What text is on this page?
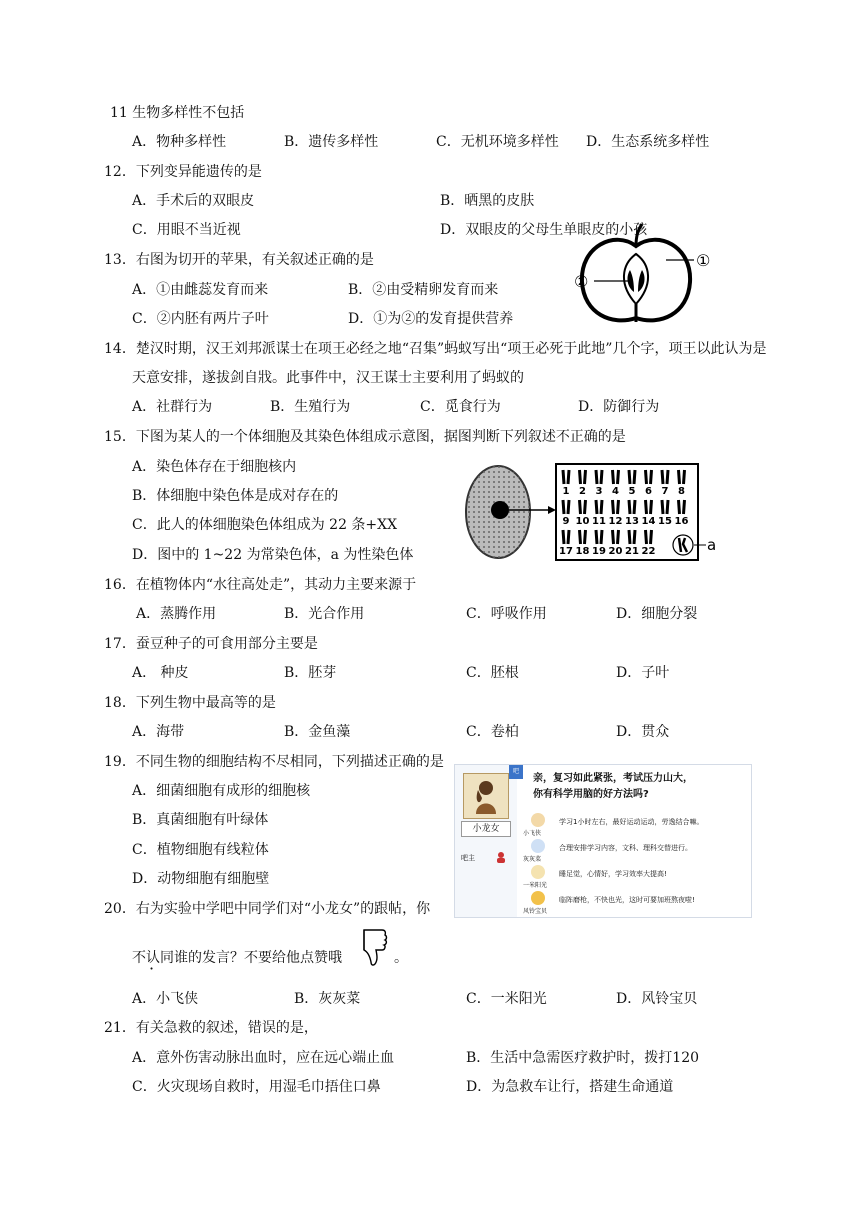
11 生物多样性不包括
A．物种多样性	B．遗传多样性	C．无机环境多样性 D．生态系统多样性
12．下列变异能遗传的是
A．手术后的双眼皮	B．晒黑的皮肤
C．用眼不当近视	D．双眼皮的父母生单眼皮的小孩
13．右图为切开的苹果，有关叙述正确的是
A．①由雌蕊发育而来	B．②由受精卵发育而来
C．②内胚有两片子叶	D．①为②的发育提供营养
①
②
14．楚汉时期，汉王刘邦派谋士在项王必经之地“召集”蚂蚁写出“项王必死于此地”几个字，项王以此认为是
天意安排，遂拔剑自戕。此事件中，汉王谋士主要利用了蚂蚁的
A．社群行为	B．生殖行为	C．觅食行为	D．防御行为
15．下图为某人的一个体细胞及其染色体组成示意图，据图判断下列叙述不正确的是
A．染色体存在于细胞核内
B．体细胞中染色体是成对存在的
C．此人的体细胞染色体组成为 22 条+XX
D．图中的 1~22 为常染色体，a 为性染色体
1 2 3 4 5 6 7 8
9 10 11 12 13 14 15 16
17 18 19 20 21 22	a
16．在植物体内“水往高处走”，其动力主要来源于
A．蒸腾作用	B．光合作用	C．呼吸作用	D．细胞分裂
17．蚕豆种子的可食用部分主要是
A． 种皮	B．胚芽	C．胚根	D．子叶
18．下列生物中最高等的是
A．海带	B．金鱼藻	C．卷柏	D．贯众
19．不同生物的细胞结构不尽相同，下列描述正确的是
A．细菌细胞有成形的细胞核
B．真菌细胞有叶绿体
C．植物细胞有线粒体
D．动物细胞有细胞壁
吧
小龙女
吧主
亲，复习如此紧张，考试压力山大，
你有科学用脑的好方法吗?
小飞侠
学习1小时左右，最好运动运动，劳逸结合嘛。
灰灰菜
合理安排学习内容，文科、理科交替进行。
一米阳光
睡足觉，心情好，学习效率大提高!
风铃宝贝
临阵磨枪，不快也光，这时可要加班熬夜啦!
20．右为实验中学吧中同学们对“小龙女”的跟帖，你
不认同谁的发言？不要给他点赞哦	。
A．小飞侠	B．灰灰菜	C．一米阳光	D．风铃宝贝
21．有关急救的叙述，错误的是，
A．意外伤害动脉出血时，应在远心端止血	B．生活中急需医疗救护时，拨打120
C．火灾现场自救时，用湿毛巾捂住口鼻	D．为急救车让行，搭建生命通道
